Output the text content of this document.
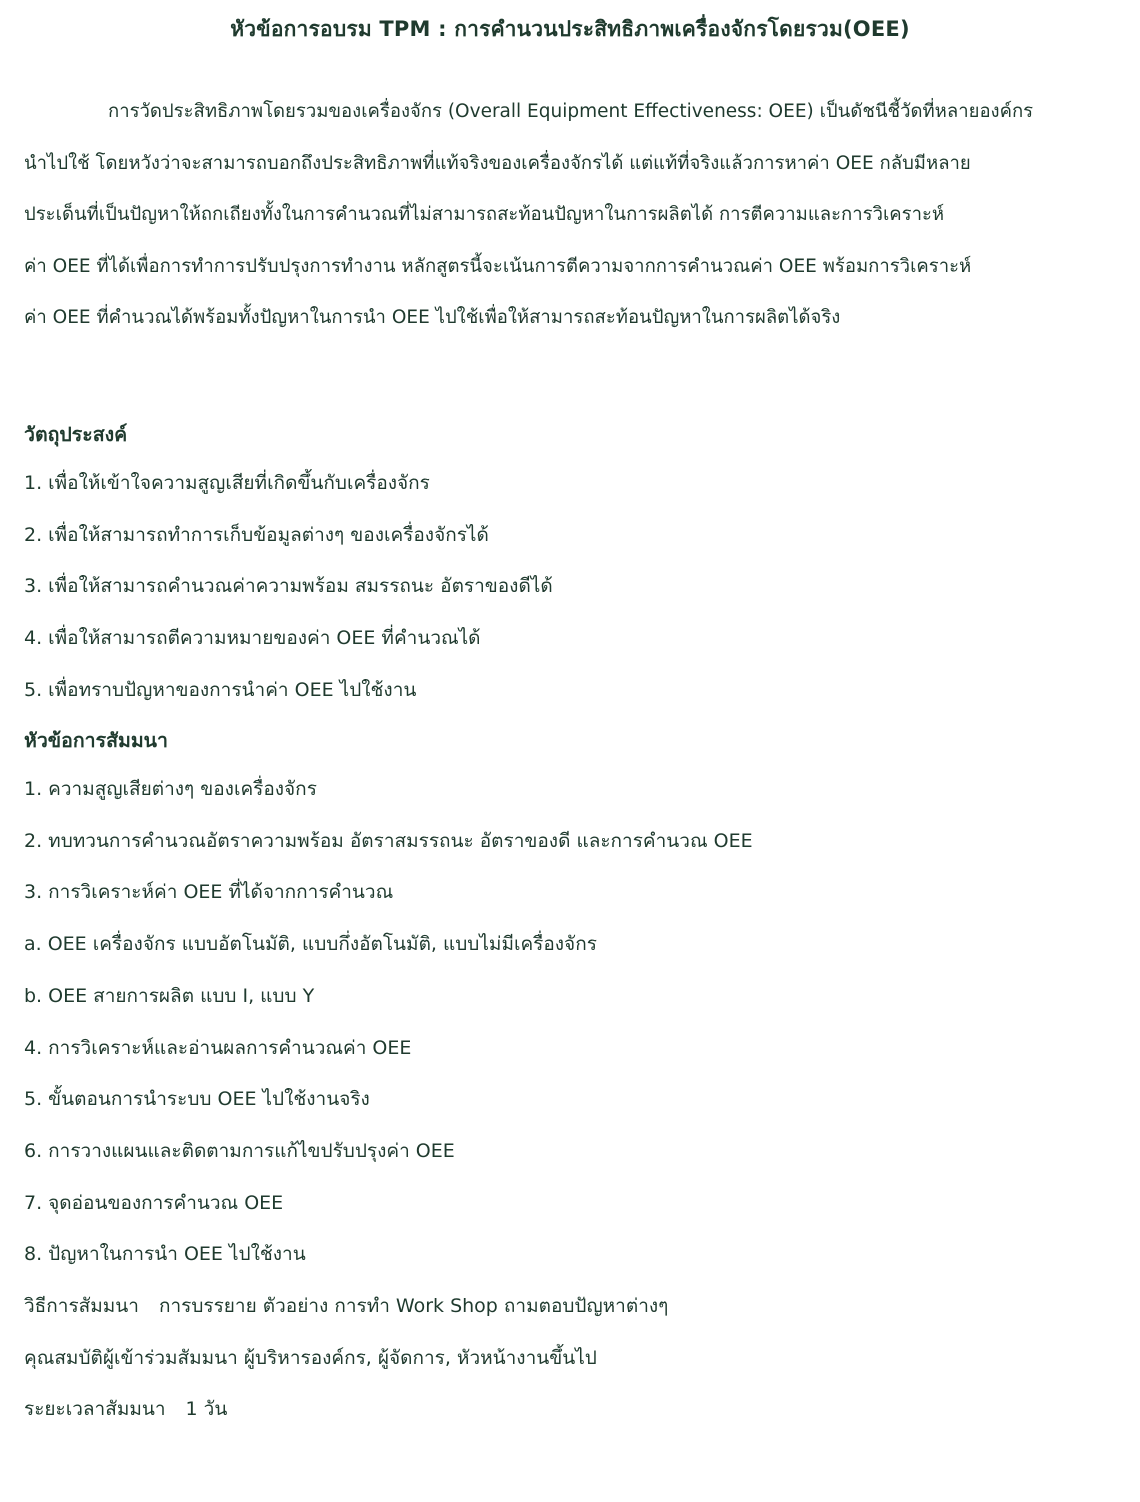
หัวข้อการอบรม TPM : การคำนวนประสิทธิภาพเครื่องจักรโดยรวม(OEE)
การวัดประสิทธิภาพโดยรวมของเครื่องจักร (Overall Equipment Effectiveness: OEE) เป็นดัชนีชี้วัดที่หลายองค์กร
นำไปใช้ โดยหวังว่าจะสามารถบอกถึงประสิทธิภาพที่แท้จริงของเครื่องจักรได้ แต่แท้ที่จริงแล้วการหาค่า OEE กลับมีหลาย
ประเด็นที่เป็นปัญหาให้ถกเถียงทั้งในการคำนวณที่ไม่สามารถสะท้อนปัญหาในการผลิตได้ การตีความและการวิเคราะห์
ค่า OEE ที่ได้เพื่อการทำการปรับปรุงการทำงาน หลักสูตรนี้จะเน้นการตีความจากการคำนวณค่า OEE พร้อมการวิเคราะห์
ค่า OEE ที่คำนวณได้พร้อมทั้งปัญหาในการนำ OEE ไปใช้เพื่อให้สามารถสะท้อนปัญหาในการผลิตได้จริง
วัตถุประสงค์
1. เพื่อให้เข้าใจความสูญเสียที่เกิดขึ้นกับเครื่องจักร
2. เพื่อให้สามารถทำการเก็บข้อมูลต่างๆ ของเครื่องจักรได้
3. เพื่อให้สามารถคำนวณค่าความพร้อม สมรรถนะ อัตราของดีได้
4. เพื่อให้สามารถตีความหมายของค่า OEE ที่คำนวณได้
5. เพื่อทราบปัญหาของการนำค่า OEE ไปใช้งาน
หัวข้อการสัมมนา
1. ความสูญเสียต่างๆ ของเครื่องจักร
2. ทบทวนการคำนวณอัตราความพร้อม อัตราสมรรถนะ อัตราของดี และการคำนวณ OEE
3. การวิเคราะห์ค่า OEE ที่ได้จากการคำนวณ
a. OEE เครื่องจักร แบบอัตโนมัติ, แบบกึ่งอัตโนมัติ, แบบไม่มีเครื่องจักร
b. OEE สายการผลิต แบบ I, แบบ Y
4. การวิเคราะห์และอ่านผลการคำนวณค่า OEE
5. ขั้นตอนการนำระบบ OEE ไปใช้งานจริง
6. การวางแผนและติดตามการแก้ไขปรับปรุงค่า OEE
7. จุดอ่อนของการคำนวณ OEE
8. ปัญหาในการนำ OEE ไปใช้งาน
วิธีการสัมมนา การบรรยาย ตัวอย่าง การทำ Work Shop ถามตอบปัญหาต่างๆ
คุณสมบัติผู้เข้าร่วมสัมมนา ผู้บริหารองค์กร, ผู้จัดการ, หัวหน้างานขึ้นไป
ระยะเวลาสัมมนา 1 วัน
